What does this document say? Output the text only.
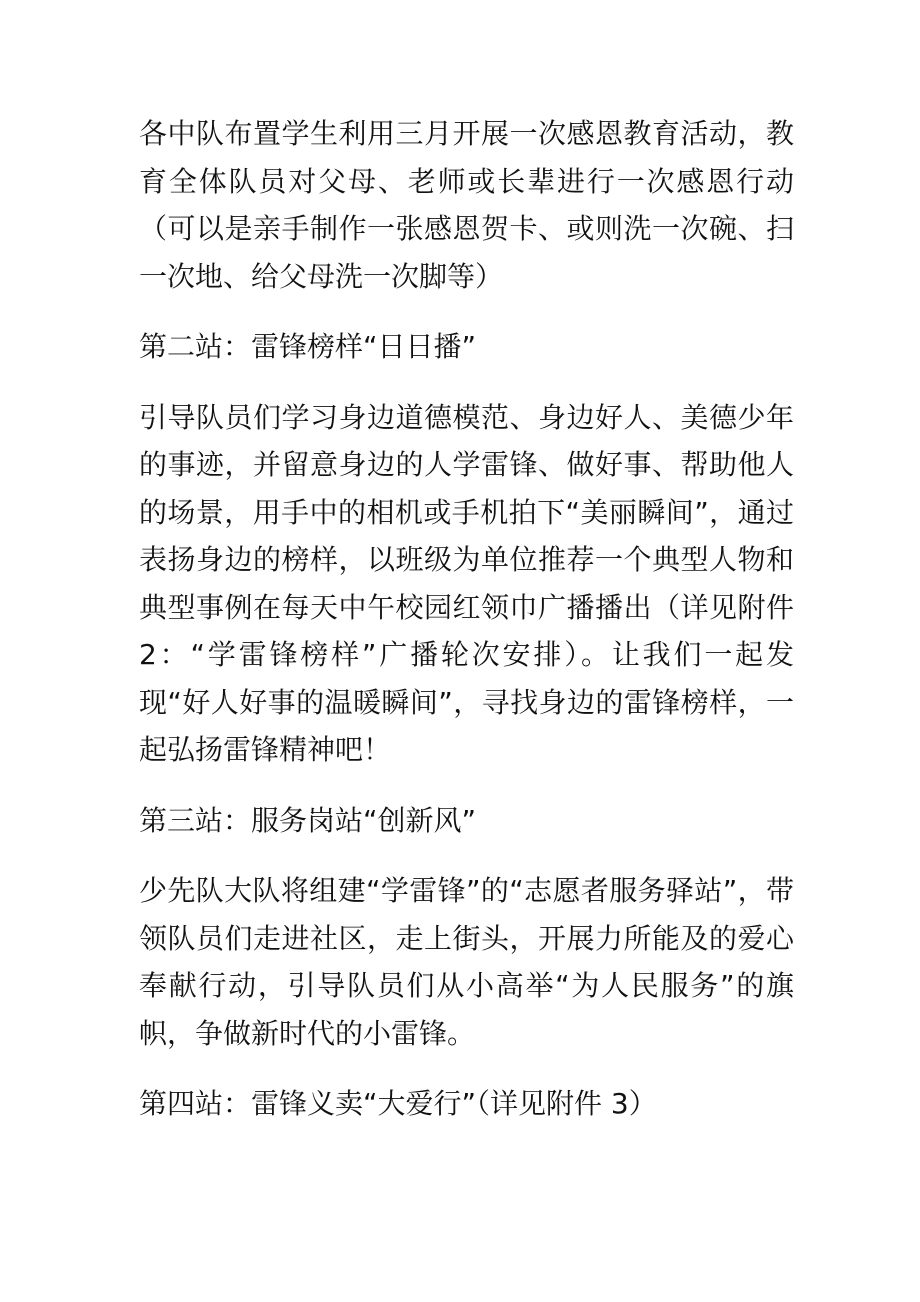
各中队布置学生利用三月开展一次感恩教育活动，教育全体队员对父母、老师或长辈进行一次感恩行动（可以是亲手制作一张感恩贺卡、或则洗一次碗、扫一次地、给父母洗一次脚等）

第二站：雷锋榜样“日日播”

引导队员们学习身边道德模范、身边好人、美德少年的事迹，并留意身边的人学雷锋、做好事、帮助他人的场景，用手中的相机或手机拍下“美丽瞬间”，通过表扬身边的榜样，以班级为单位推荐一个典型人物和典型事例在每天中午校园红领巾广播播出（详见附件 2：“学雷锋榜样”广播轮次安排）。让我们一起发现“好人好事的温暖瞬间”，寻找身边的雷锋榜样，一起弘扬雷锋精神吧！

第三站：服务岗站“创新风”

少先队大队将组建“学雷锋”的“志愿者服务驿站”，带领队员们走进社区，走上街头，开展力所能及的爱心奉献行动，引导队员们从小高举“为人民服务”的旗帜，争做新时代的小雷锋。

第四站：雷锋义卖“大爱行”（详见附件 3）
